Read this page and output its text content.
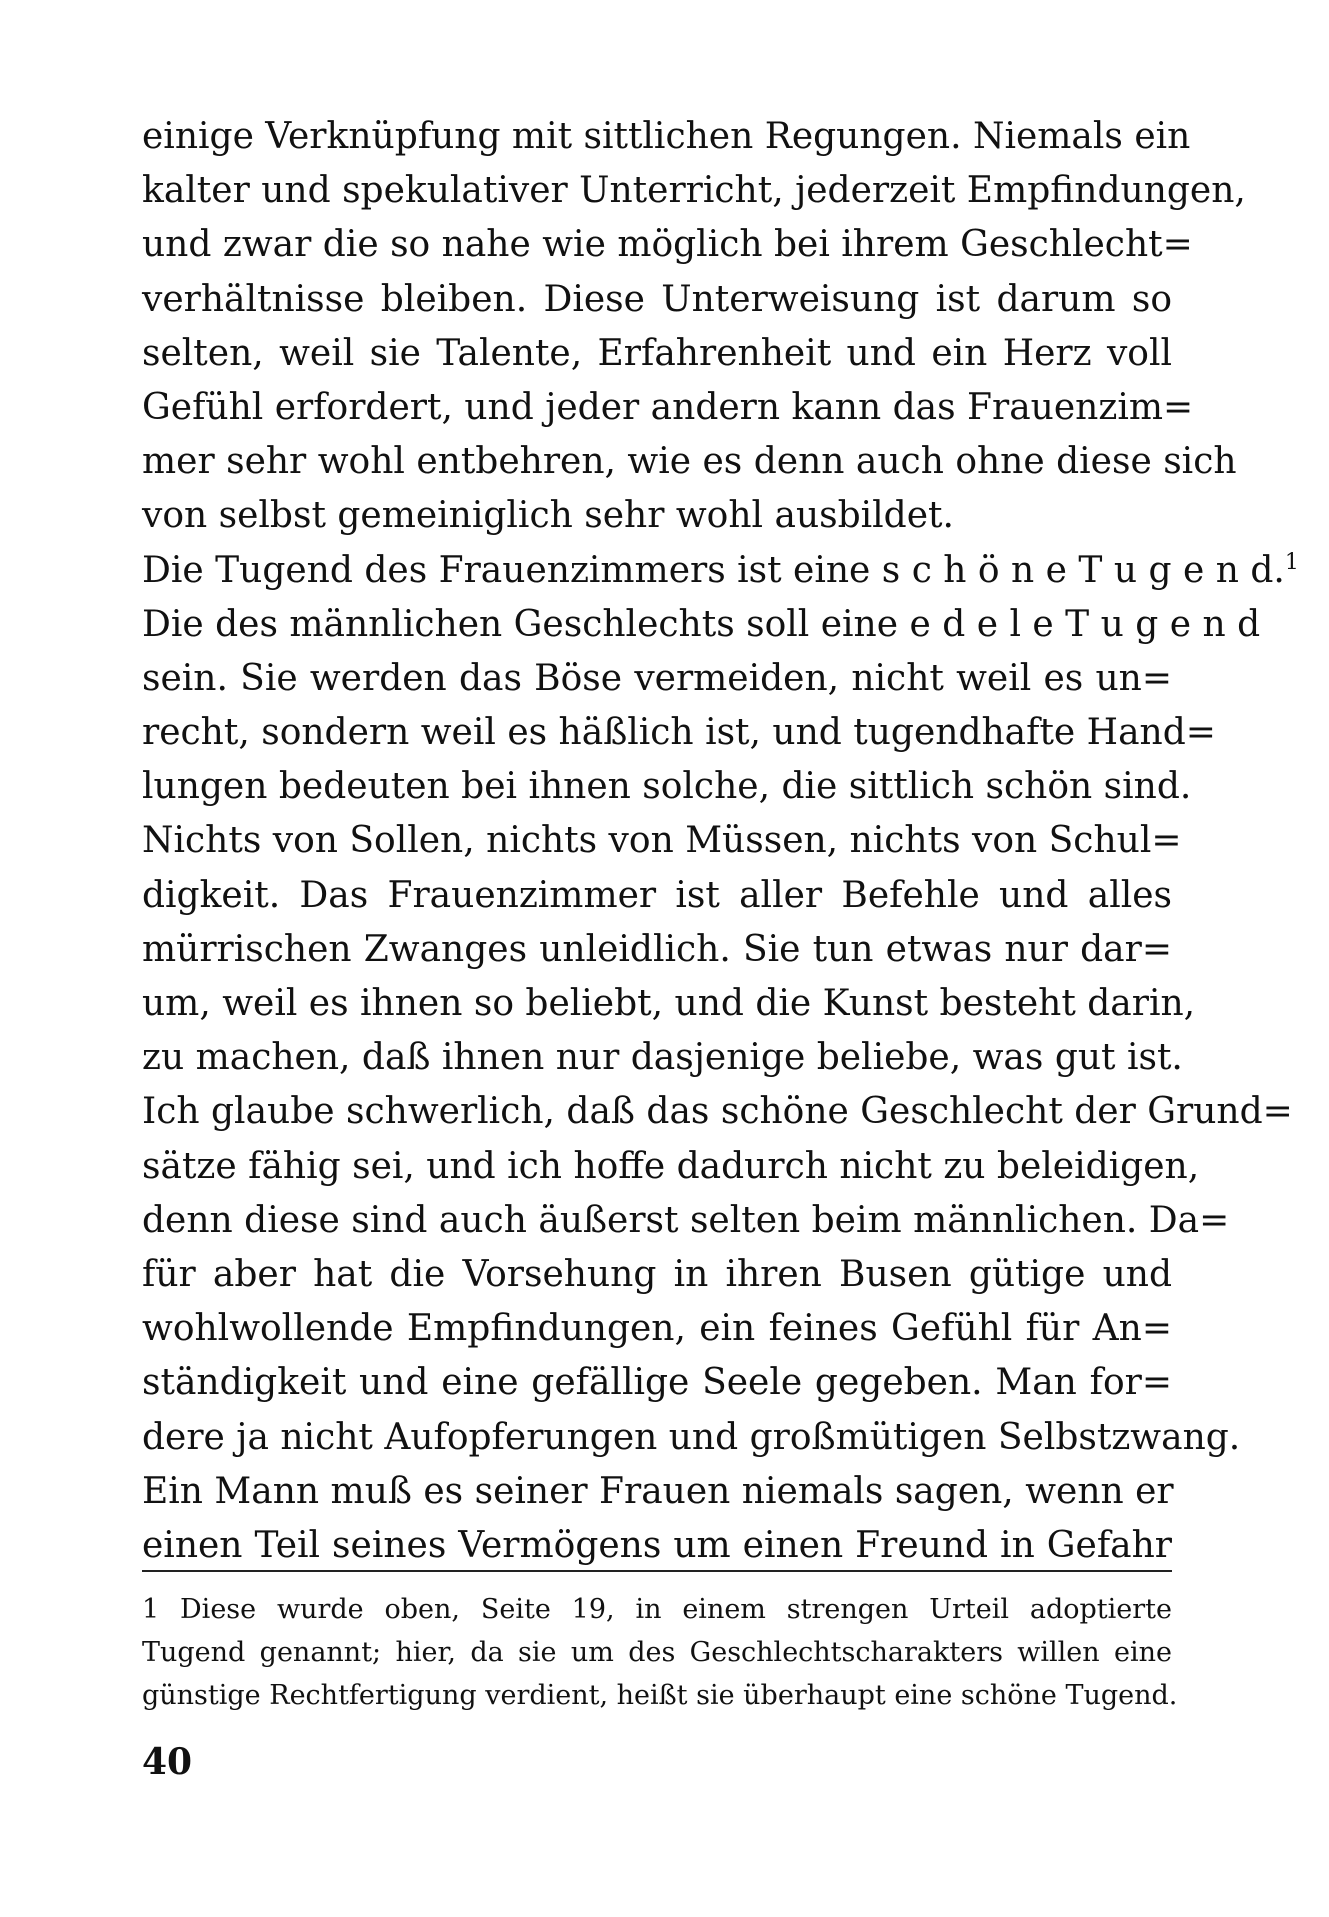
einige Verknüpfung mit sittlichen Regungen. Niemals ein
kalter und spekulativer Unterricht, jederzeit Empfindungen,
und zwar die so nahe wie möglich bei ihrem Geschlecht=
verhältnisse bleiben. Diese Unterweisung ist darum so
selten, weil sie Talente, Erfahrenheit und ein Herz voll
Gefühl erfordert, und jeder andern kann das Frauenzim=
mer sehr wohl entbehren, wie es denn auch ohne diese sich
von selbst gemeiniglich sehr wohl ausbildet.
Die Tugend des Frauenzimmers ist eine s c h ö n e T u g e n d.$^1$
Die des männlichen Geschlechts soll eine e d e l e T u g e n d
sein. Sie werden das Böse vermeiden, nicht weil es un=
recht, sondern weil es häßlich ist, und tugendhafte Hand=
lungen bedeuten bei ihnen solche, die sittlich schön sind.
Nichts von Sollen, nichts von Müssen, nichts von Schul=
digkeit. Das Frauenzimmer ist aller Befehle und alles
mürrischen Zwanges unleidlich. Sie tun etwas nur dar=
um, weil es ihnen so beliebt, und die Kunst besteht darin,
zu machen, daß ihnen nur dasjenige beliebe, was gut ist.
Ich glaube schwerlich, daß das schöne Geschlecht der Grund=
sätze fähig sei, und ich hoffe dadurch nicht zu beleidigen,
denn diese sind auch äußerst selten beim männlichen. Da=
für aber hat die Vorsehung in ihren Busen gütige und
wohlwollende Empfindungen, ein feines Gefühl für An=
ständigkeit und eine gefällige Seele gegeben. Man for=
dere ja nicht Aufopferungen und großmütigen Selbstzwang.
Ein Mann muß es seiner Frauen niemals sagen, wenn er
einen Teil seines Vermögens um einen Freund in Gefahr
1 Diese wurde oben, Seite 19, in einem strengen Urteil adoptierte
Tugend genannt; hier, da sie um des Geschlechtscharakters willen eine
günstige Rechtfertigung verdient, heißt sie überhaupt eine schöne Tugend.
40
